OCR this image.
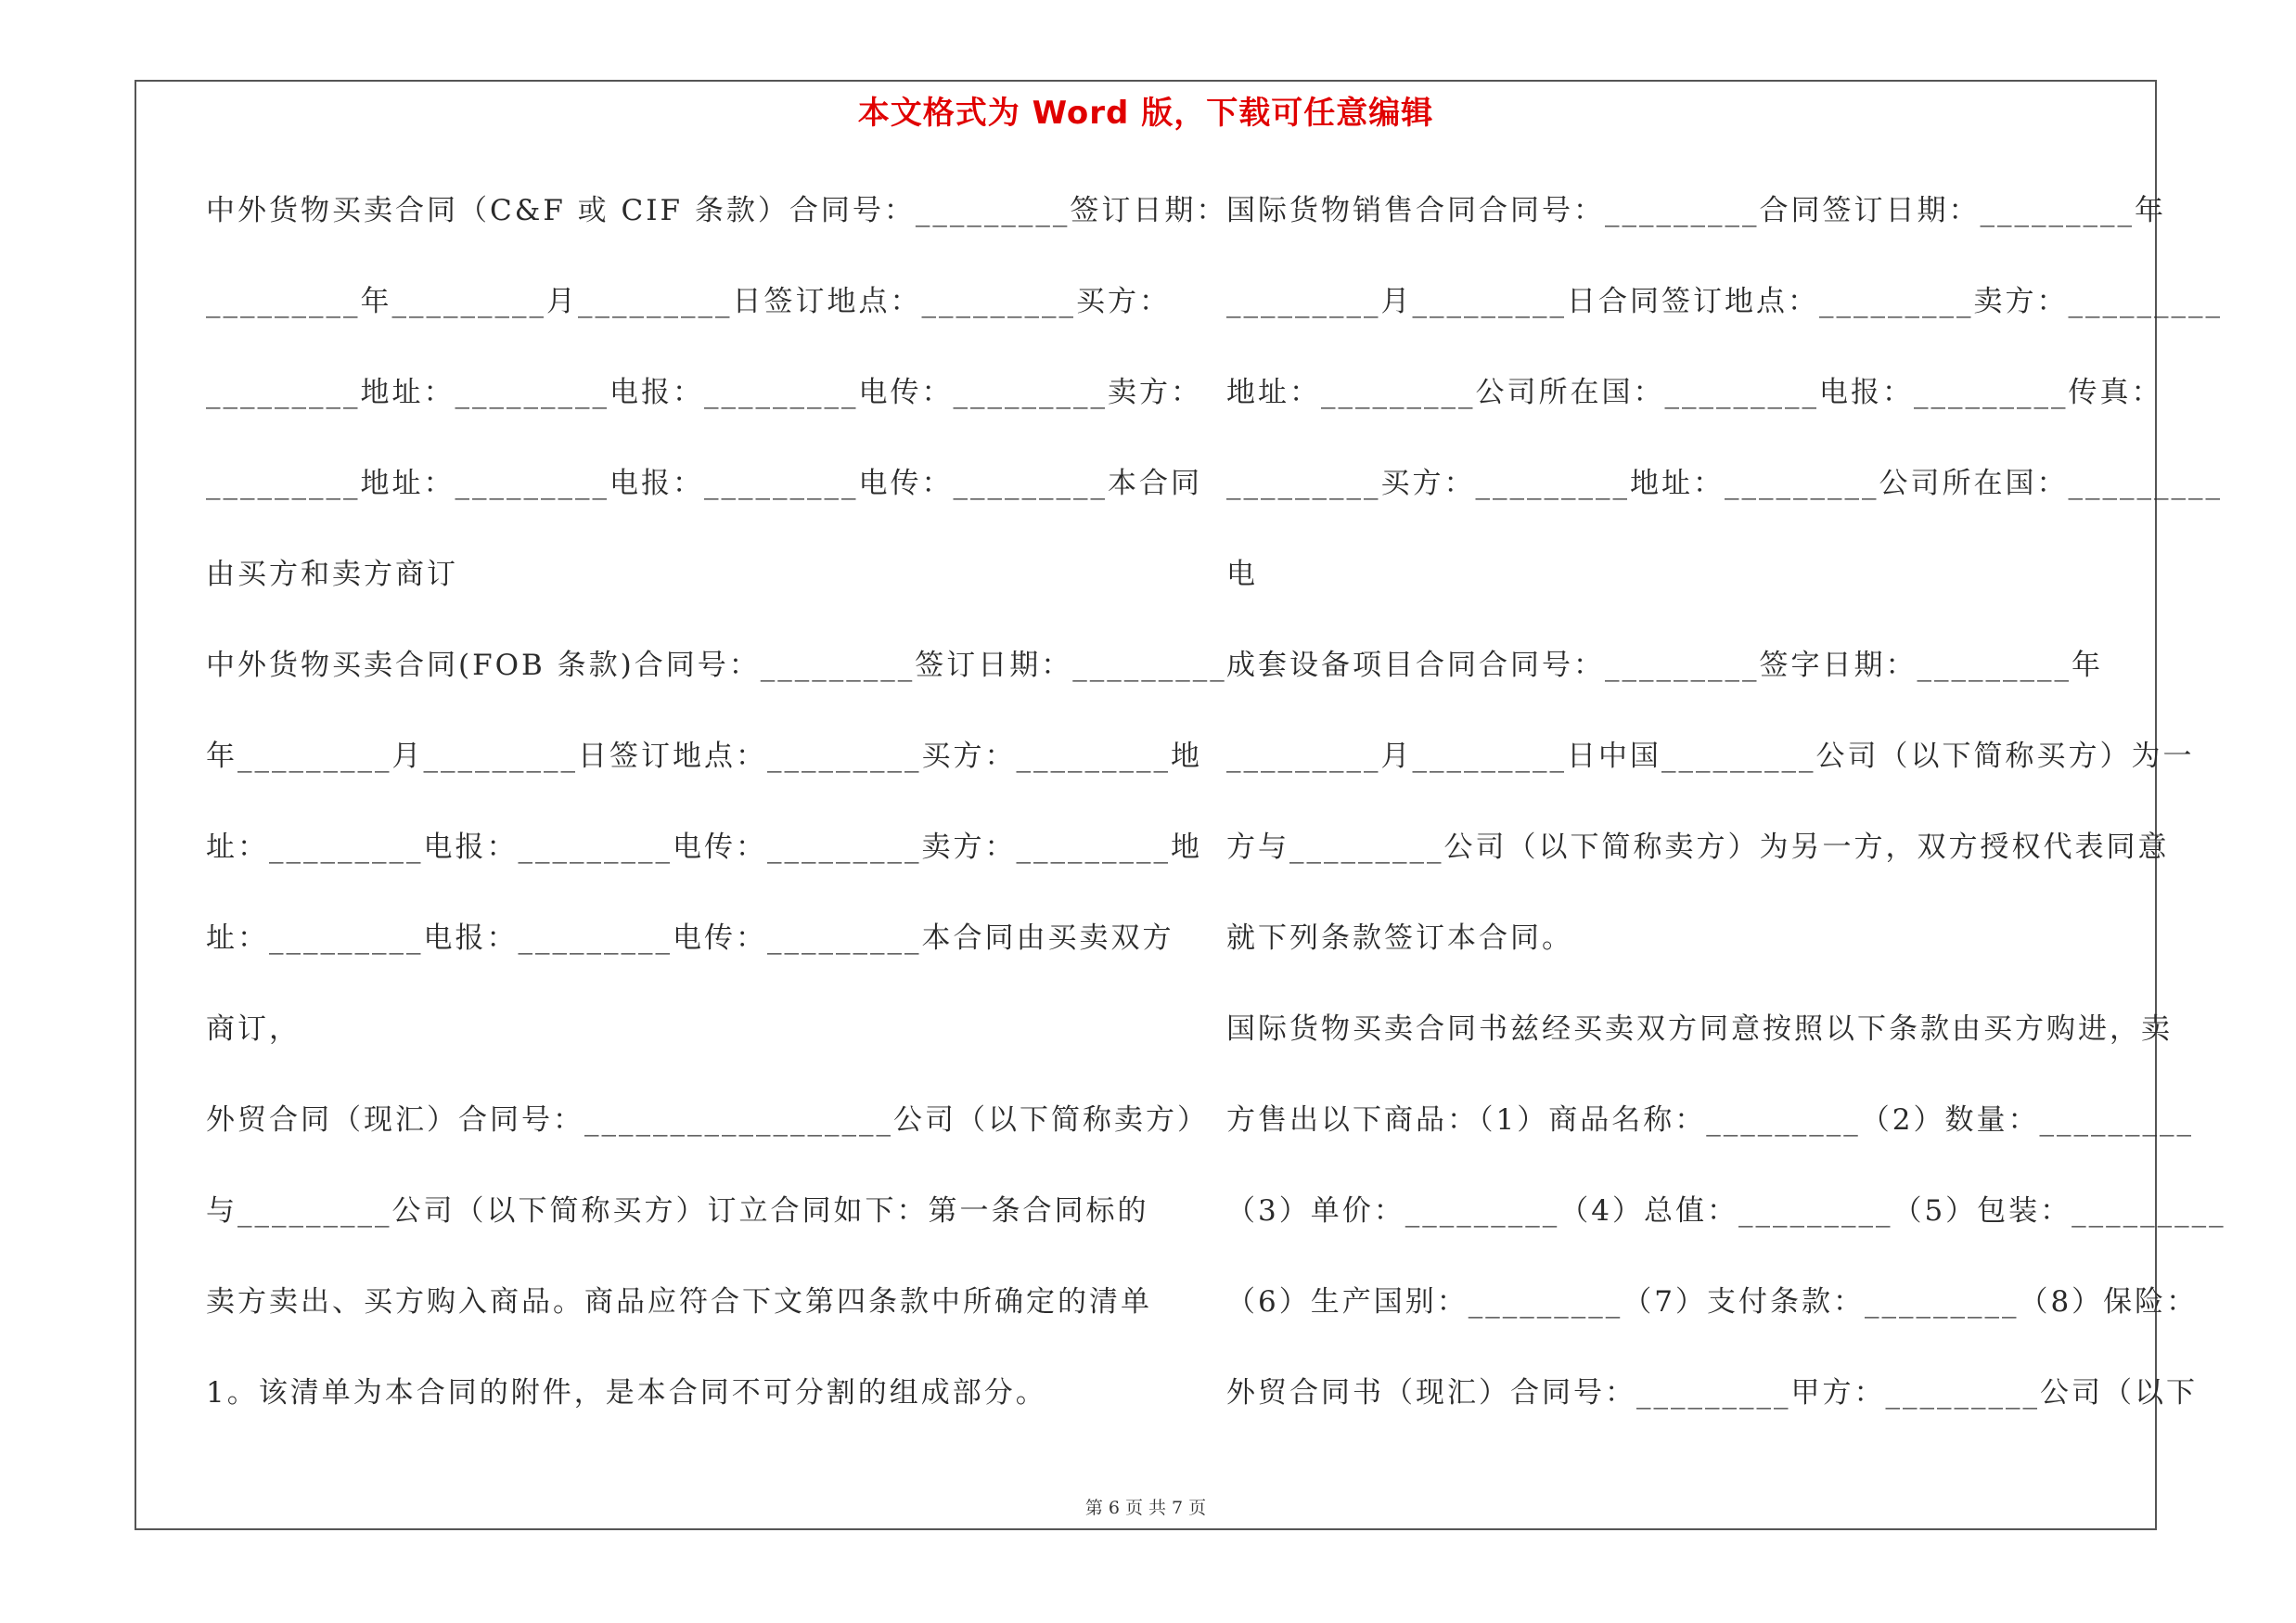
本文格式为 Word 版，下载可任意编辑
中外货物买卖合同（C&F 或 CIF 条款）合同号：_________签订日期：
_________年_________月_________日签订地点：_________买方：
_________地址：_________电报：_________电传：_________卖方：
_________地址：_________电报：_________电传：_________本合同
由买方和卖方商订
中外货物买卖合同(FOB 条款)合同号：_________签订日期：_________
年_________月_________日签订地点：_________买方：_________地
址：_________电报：_________电传：_________卖方：_________地
址：_________电报：_________电传：_________本合同由买卖双方
商订，
外贸合同（现汇）合同号：__________________公司（以下简称卖方）
与_________公司（以下简称买方）订立合同如下：第一条合同标的
卖方卖出、买方购入商品。商品应符合下文第四条款中所确定的清单
1。该清单为本合同的附件，是本合同不可分割的组成部分。
国际货物销售合同合同号：_________合同签订日期：_________年
_________月_________日合同签订地点：_________卖方：_________
地址：_________公司所在国：_________电报：_________传真：
_________买方：_________地址：_________公司所在国：_________
电
成套设备项目合同合同号：_________签字日期：_________年
_________月_________日中国_________公司（以下简称买方）为一
方与_________公司（以下简称卖方）为另一方，双方授权代表同意
就下列条款签订本合同。
国际货物买卖合同书兹经买卖双方同意按照以下条款由买方购进，卖
方售出以下商品：（1）商品名称：_________（2）数量：_________
（3）单价：_________（4）总值：_________（5）包装：_________
（6）生产国别：_________（7）支付条款：_________（8）保险：
外贸合同书（现汇）合同号：_________甲方：_________公司（以下
第 6 页 共 7 页
